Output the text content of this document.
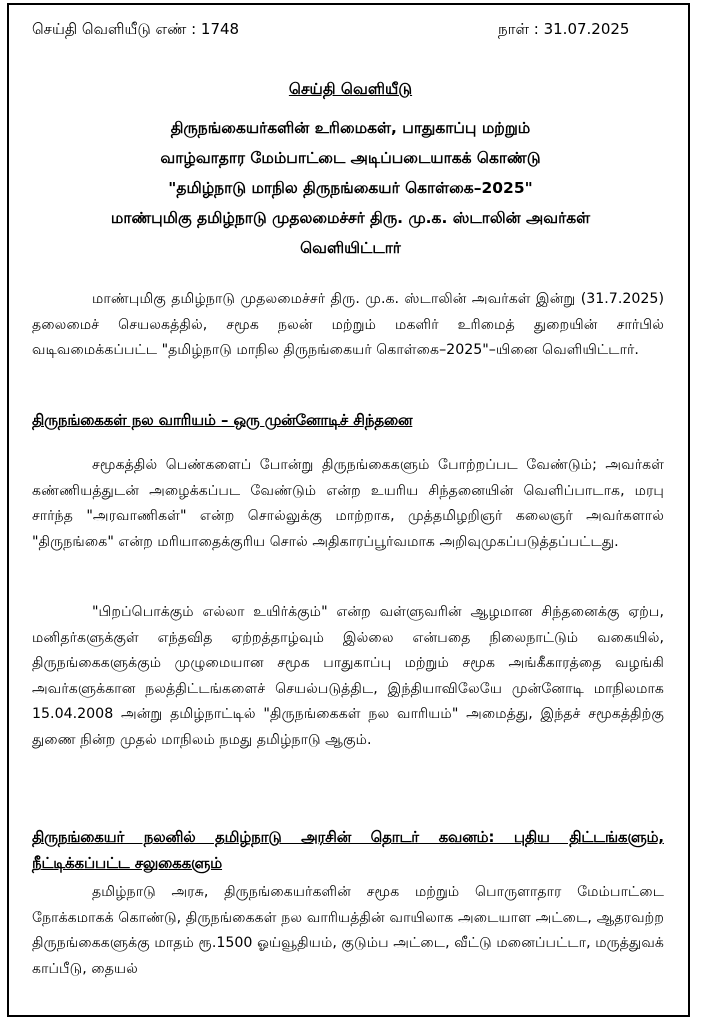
செய்தி வெளியீடு எண் : 1748	நாள் : 31.07.2025
செய்தி வெளியீடு
திருநங்கையர்களின் உரிமைகள், பாதுகாப்பு மற்றும்
வாழ்வாதார மேம்பாட்டை அடிப்படையாகக் கொண்டு
"தமிழ்நாடு மாநில திருநங்கையர் கொள்கை–2025"
மாண்புமிகு தமிழ்நாடு முதலமைச்சர் திரு. மு.க. ஸ்டாலின் அவர்கள்
வெளியிட்டார்
மாண்புமிகு தமிழ்நாடு முதலமைச்சர் திரு. மு.க. ஸ்டாலின் அவர்கள் இன்று (31.7.2025) தலைமைச் செயலகத்தில், சமூக நலன் மற்றும் மகளிர் உரிமைத் துறையின் சார்பில் வடிவமைக்கப்பட்ட "தமிழ்நாடு மாநில திருநங்கையர் கொள்கை–2025"–யினை வெளியிட்டார்.
திருநங்கைகள் நல வாரியம் – ஒரு முன்னோடிச் சிந்தனை
சமூகத்தில் பெண்களைப் போன்று திருநங்கைகளும் போற்றப்பட வேண்டும்; அவர்கள் கண்ணியத்துடன் அழைக்கப்பட வேண்டும் என்ற உயரிய சிந்தனையின் வெளிப்பாடாக, மரபு சார்ந்த "அரவாணிகள்" என்ற சொல்லுக்கு மாற்றாக, முத்தமிழறிஞர் கலைஞர் அவர்களால் "திருநங்கை" என்ற மரியாதைக்குரிய சொல் அதிகாரப்பூர்வமாக அறிவுமுகப்படுத்தப்பட்டது.
"பிறப்பொக்கும் எல்லா உயிர்க்கும்" என்ற வள்ளுவரின் ஆழமான சிந்தனைக்கு ஏற்ப, மனிதர்களுக்குள் எந்தவித ஏற்றத்தாழ்வும் இல்லை என்பதை நிலைநாட்டும் வகையில், திருநங்கைகளுக்கும் முழுமையான சமூக பாதுகாப்பு மற்றும் சமூக அங்கீகாரத்தை வழங்கி அவர்களுக்கான நலத்திட்டங்களைச் செயல்படுத்திட, இந்தியாவிலேயே முன்னோடி மாநிலமாக 15.04.2008 அன்று தமிழ்நாட்டில் "திருநங்கைகள் நல வாரியம்" அமைத்து, இந்தச் சமூகத்திற்கு துணை நின்ற முதல் மாநிலம் நமது தமிழ்நாடு ஆகும்.
திருநங்கையர் நலனில் தமிழ்நாடு அரசின் தொடர் கவனம்: புதிய திட்டங்களும், நீட்டிக்கப்பட்ட சலுகைகளும்
தமிழ்நாடு அரசு, திருநங்கையர்களின் சமூக மற்றும் பொருளாதார மேம்பாட்டை நோக்கமாகக் கொண்டு, திருநங்கைகள் நல வாரியத்தின் வாயிலாக அடையாள அட்டை, ஆதரவற்ற திருநங்கைகளுக்கு மாதம் ரூ.1500 ஓய்வூதியம், குடும்ப அட்டை, வீட்டு மனைப்பட்டா, மருத்துவக் காப்பீடு, தையல்
